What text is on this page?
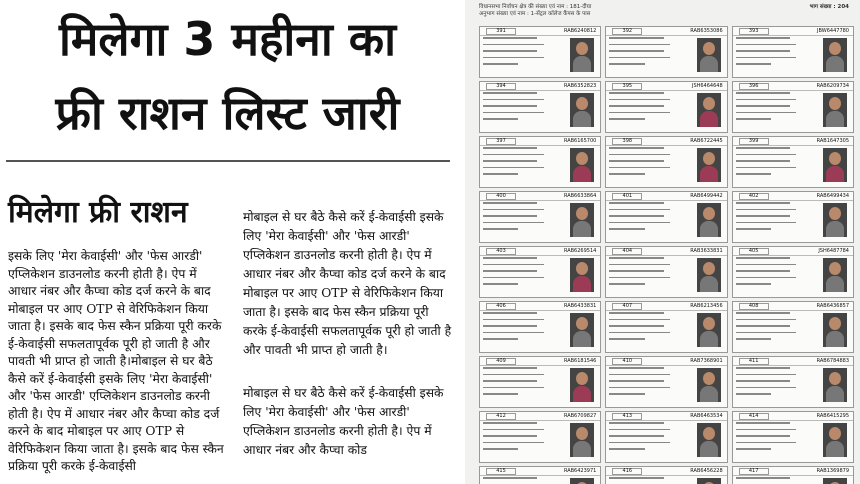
मिलेगा 3 महीना का
फ्री राशन लिस्ट जारी
मिलेगा फ्री राशन

इसके लिए 'मेरा केवाईसी' और 'फेस आरडी' एप्लिकेशन डाउनलोड करनी होती है। ऐप में आधार नंबर और कैप्चा कोड दर्ज करने के बाद मोबाइल पर आए OTP से वेरिफिकेशन किया जाता है। इसके बाद फेस स्कैन प्रक्रिया पूरी करके ई-केवाईसी सफलतापूर्वक पूरी हो जाती है और पावती भी प्राप्त हो जाती है।मोबाइल से घर बैठे कैसे करें ई-केवाईसी इसके लिए 'मेरा केवाईसी' और 'फेस आरडी' एप्लिकेशन डाउनलोड करनी होती है। ऐप में आधार नंबर और कैप्चा कोड दर्ज करने के बाद मोबाइल पर आए OTP से वेरिफिकेशन किया जाता है। इसके बाद फेस स्कैन प्रक्रिया पूरी करके ई-केवाईसी

मोबाइल से घर बैठे कैसे करें ई-केवाईसी इसके लिए 'मेरा केवाईसी' और 'फेस आरडी' एप्लिकेशन डाउनलोड करनी होती है। ऐप में आधार नंबर और कैप्चा कोड दर्ज करने के बाद मोबाइल पर आए OTP से वेरिफिकेशन किया जाता है। इसके बाद फेस स्कैन प्रक्रिया पूरी करके ई-केवाईसी सफलतापूर्वक पूरी हो जाती है और पावती भी प्राप्त हो जाती है।

मोबाइल से घर बैठे कैसे करें ई-केवाईसी इसके लिए 'मेरा केवाईसी' और 'फेस आरडी' एप्लिकेशन डाउनलोड करनी होती है। ऐप में आधार नंबर और कैप्चा कोड

विधानसभा निर्वाचन क्षेत्र की संख्या एवं नाम : 181-दीघा
अनुभाग संख्या एवं नाम : 1-सेंट्रल कॉलेज कैंपस के पास
भाग संख्या : 204
391	RAB6240812	392	RAB6353086	393	JBW6447780
394	RAB6352823	395	JSH6464648	396	RAB6209734
397	RAB6165700	398	RAB6722445	399	RAB1647305
400	RAB6633864	401	RAB6499442	402	RAB6499434
403	RAB6269514	404	RAB3633831	405	JSH6487784
406	RAB6433831	407	RAB6213456	408	RAB6436857
409	RAB6181546	410	RAB7368901	411	RAB6784883
412	RAB6709827	413	RAB6463534	414	RAB6415295
415	RAB6423971	416	RAB6456228	417	RAB1369879
